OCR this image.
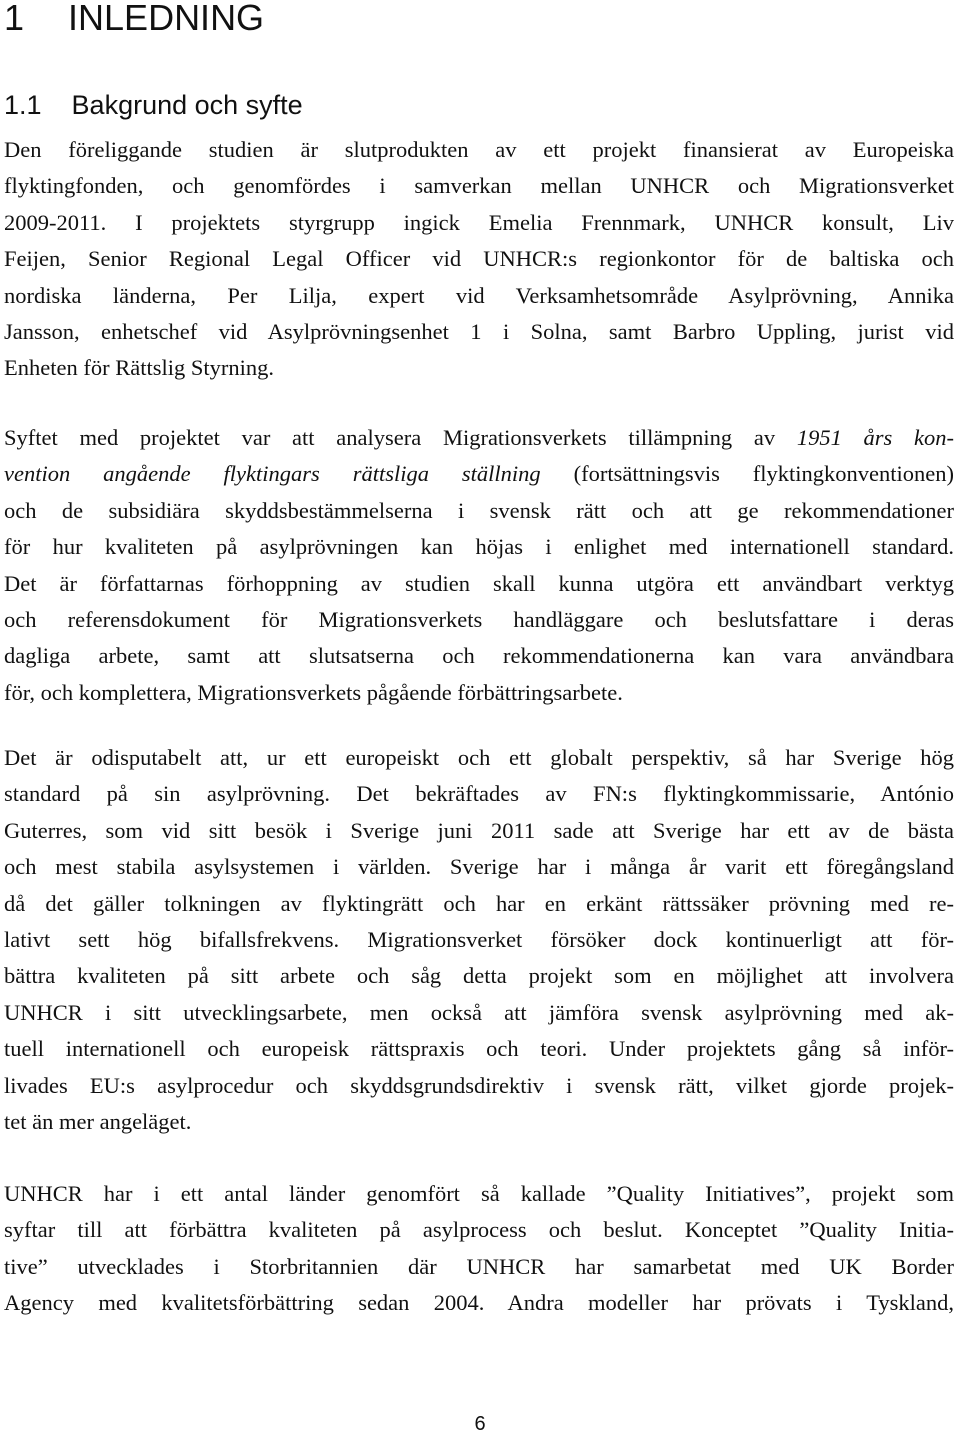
1 INLEDNING
1.1 Bakgrund och syfte
Den föreliggande studien är slutprodukten av ett projekt finansierat av Europeiska
flyktingfonden, och genomfördes i samverkan mellan UNHCR och Migrationsverket
2009-2011. I projektets styrgrupp ingick Emelia Frennmark, UNHCR konsult, Liv
Feijen, Senior Regional Legal Officer vid UNHCR:s regionkontor för de baltiska och
nordiska länderna, Per Lilja, expert vid Verksamhetsområde Asylprövning, Annika
Jansson, enhetschef vid Asylprövningsenhet 1 i Solna, samt Barbro Uppling, jurist vid
Enheten för Rättslig Styrning.
Syftet med projektet var att analysera Migrationsverkets tillämpning av 1951 års kon-
vention angående flyktingars rättsliga ställning (fortsättningsvis flyktingkonventionen)
och de subsidiära skyddsbestämmelserna i svensk rätt och att ge rekommendationer
för hur kvaliteten på asylprövningen kan höjas i enlighet med internationell standard.
Det är författarnas förhoppning av studien skall kunna utgöra ett användbart verktyg
och referensdokument för Migrationsverkets handläggare och beslutsfattare i deras
dagliga arbete, samt att slutsatserna och rekommendationerna kan vara användbara
för, och komplettera, Migrationsverkets pågående förbättringsarbete.
Det är odisputabelt att, ur ett europeiskt och ett globalt perspektiv, så har Sverige hög
standard på sin asylprövning. Det bekräftades av FN:s flyktingkommissarie, António
Guterres, som vid sitt besök i Sverige juni 2011 sade att Sverige har ett av de bästa
och mest stabila asylsystemen i världen. Sverige har i många år varit ett föregångsland
då det gäller tolkningen av flyktingrätt och har en erkänt rättssäker prövning med re-
lativt sett hög bifallsfrekvens. Migrationsverket försöker dock kontinuerligt att för-
bättra kvaliteten på sitt arbete och såg detta projekt som en möjlighet att involvera
UNHCR i sitt utvecklingsarbete, men också att jämföra svensk asylprövning med ak-
tuell internationell och europeisk rättspraxis och teori. Under projektets gång så inför-
livades EU:s asylprocedur och skyddsgrundsdirektiv i svensk rätt, vilket gjorde projek-
tet än mer angeläget.
UNHCR har i ett antal länder genomfört så kallade ”Quality Initiatives”, projekt som
syftar till att förbättra kvaliteten på asylprocess och beslut. Konceptet ”Quality Initia-
tive” utvecklades i Storbritannien där UNHCR har samarbetat med UK Border
Agency med kvalitetsförbättring sedan 2004. Andra modeller har prövats i Tyskland,
6
